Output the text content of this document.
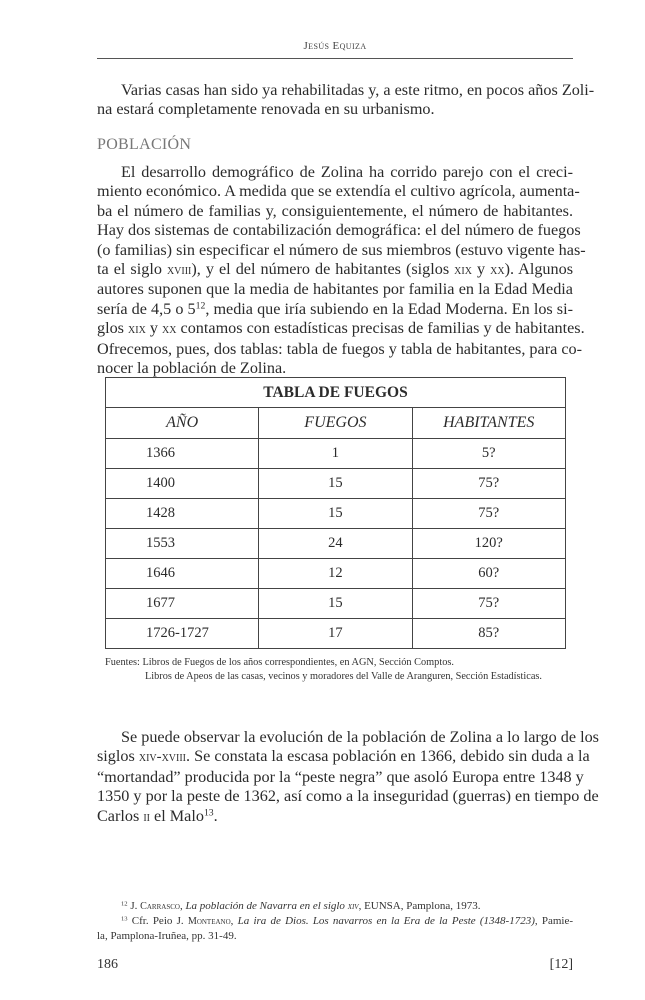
Jesús Equiza
Varias casas han sido ya rehabilitadas y, a este ritmo, en pocos años Zoli-
na estará completamente renovada en su urbanismo.
POBLACIÓN
El desarrollo demográfico de Zolina ha corrido parejo con el creci-
miento económico. A medida que se extendía el cultivo agrícola, aumenta-
ba el número de familias y, consiguientemente, el número de habitantes.
Hay dos sistemas de contabilización demográfica: el del número de fuegos
(o familias) sin especificar el número de sus miembros (estuvo vigente has-
ta el siglo xviii), y el del número de habitantes (siglos xix y xx). Algunos
autores suponen que la media de habitantes por familia en la Edad Media
sería de 4,5 o $5^{12}$, media que iría subiendo en la Edad Moderna. En los si-
glos xix y xx contamos con estadísticas precisas de familias y de habitantes.
Ofrecemos, pues, dos tablas: tabla de fuegos y tabla de habitantes, para co-
nocer la población de Zolina.
TABLA DE FUEGOS		
AÑO	FUEGOS	HABITANTES
1366	1	5?
1400	15	75?
1428	15	75?
1553	24	120?
1646	12	60?
1677	15	75?
1726-1727	17	85?
Fuentes: Libros de Fuegos de los años correspondientes, en AGN, Sección Comptos.
Libros de Apeos de las casas, vecinos y moradores del Valle de Aranguren, Sección Estadísticas.
Se puede observar la evolución de la población de Zolina a lo largo de los
siglos xiv-xviii. Se constata la escasa población en 1366, debido sin duda a la
“mortandad” producida por la “peste negra” que asoló Europa entre 1348 y
1350 y por la peste de 1362, así como a la inseguridad (guerras) en tiempo de
Carlos ii el Malo$^{13}$.
$^{12}$ J. Carrasco, La población de Navarra en el siglo xiv, EUNSA, Pamplona, 1973.
$^{13}$ Cfr. Peio J. Monteano, La ira de Dios. Los navarros en la Era de la Peste (1348-1723), Pamie-
la, Pamplona-Iruñea, pp. 31-49.
186	[12]
